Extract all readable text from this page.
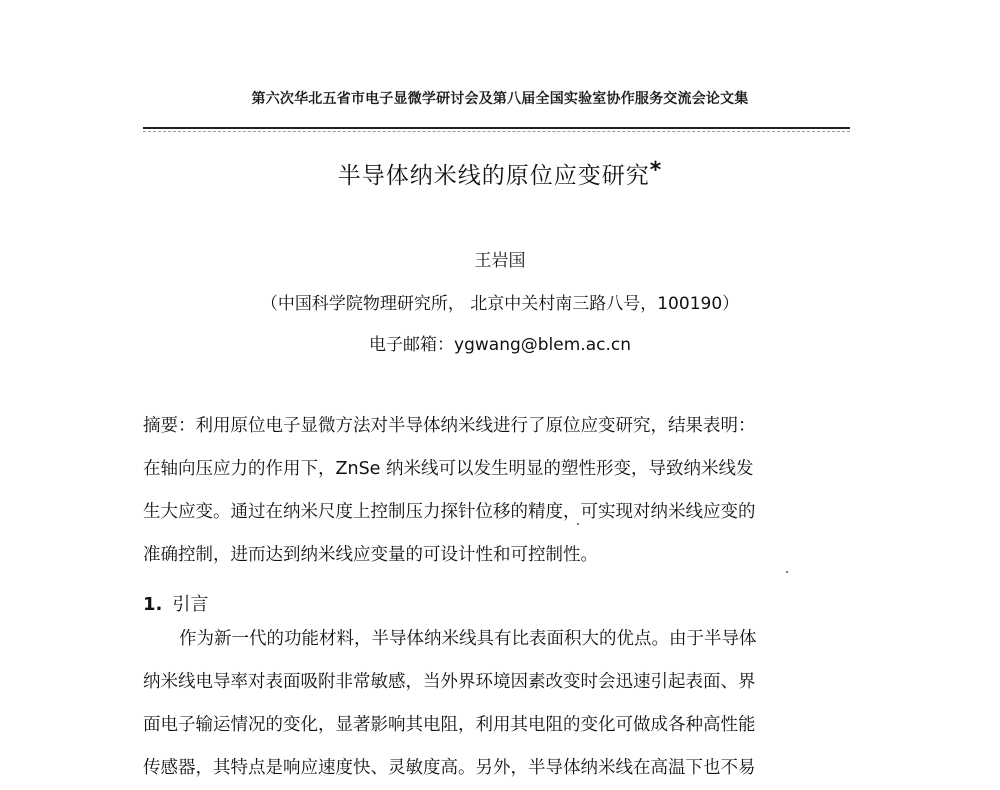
第六次华北五省市电子显微学研讨会及第八届全国实验室协作服务交流会论文集
半导体纳米线的原位应变研究*
王岩国
（中国科学院物理研究所， 北京中关村南三路八号，100190）
电子邮箱：ygwang@blem.ac.cn
摘要：利用原位电子显微方法对半导体纳米线进行了原位应变研究，结果表明：
在轴向压应力的作用下，ZnSe 纳米线可以发生明显的塑性形变，导致纳米线发
生大应变。通过在纳米尺度上控制压力探针位移的精度，可实现对纳米线应变的
准确控制，进而达到纳米线应变量的可设计性和可控制性。
1. 引言
作为新一代的功能材料，半导体纳米线具有比表面积大的优点。由于半导体
纳米线电导率对表面吸附非常敏感，当外界环境因素改变时会迅速引起表面、界
面电子输运情况的变化，显著影响其电阻，利用其电阻的变化可做成各种高性能
传感器，其特点是响应速度快、灵敏度高。另外，半导体纳米线在高温下也不易
